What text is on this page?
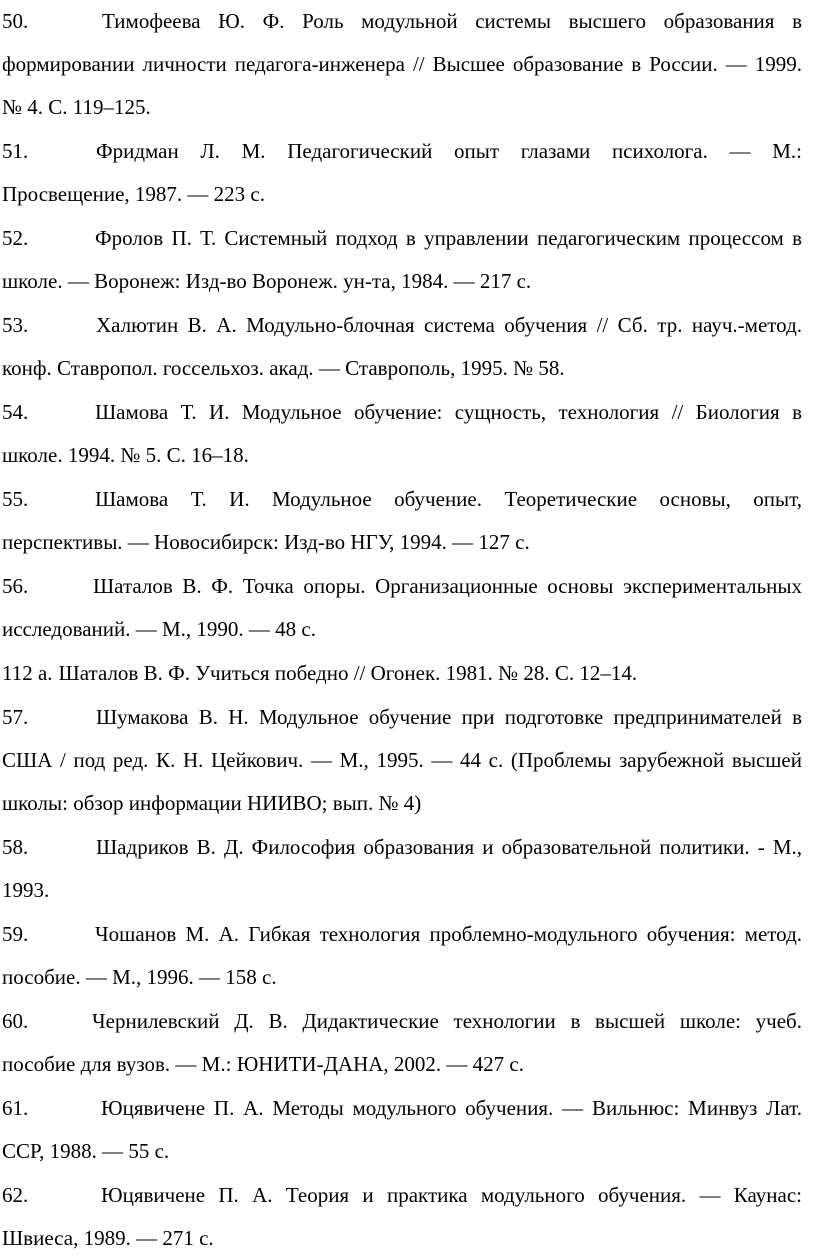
50.	Тимофеева Ю. Ф. Роль модульной системы высшего образования в формировании личности педагога-инженера // Высшее образование в России. — 1999. № 4. С. 119–125.
51.	Фридман Л. М. Педагогический опыт глазами психолога. — М.: Просвещение, 1987. — 223 с.
52.	Фролов П. Т. Системный подход в управлении педагогическим процессом в школе. — Воронеж: Изд-во Воронеж. ун-та, 1984. — 217 с.
53.	Халютин В. А. Модульно-блочная система обучения // Сб. тр. науч.-метод. конф. Ставропол. госсельхоз. акад. — Ставрополь, 1995. № 58.
54.	Шамова Т. И. Модульное обучение: сущность, технология // Биология в школе. 1994. № 5. С. 16–18.
55.	Шамова Т. И. Модульное обучение. Теоретические основы, опыт, перспективы. — Новосибирск: Изд-во НГУ, 1994. — 127 с.
56.	Шаталов В. Ф. Точка опоры. Организационные основы экспериментальных исследований. — М., 1990. — 48 с.
112 а. Шаталов В. Ф. Учиться победно // Огонек. 1981. № 28. С. 12–14.
57.	Шумакова В. Н. Модульное обучение при подготовке предпринимателей в США / под ред. К. Н. Цейкович. — М., 1995. — 44 с. (Проблемы зарубежной высшей школы: обзор информации НИИВО; вып. № 4)
58.	Шадриков В. Д. Философия образования и образовательной политики. - М., 1993.
59.	Чошанов М. А. Гибкая технология проблемно-модульного обучения: метод. пособие. — М., 1996. — 158 с.
60.	Чернилевский Д. В. Дидактические технологии в высшей школе: учеб. пособие для вузов. — М.: ЮНИТИ-ДАНА, 2002. — 427 с.
61.	Юцявичене П. А. Методы модульного обучения. — Вильнюс: Минвуз Лат. ССР, 1988. — 55 с.
62.	Юцявичене П. А. Теория и практика модульного обучения. — Каунас: Швиеса, 1989. — 271 с.
